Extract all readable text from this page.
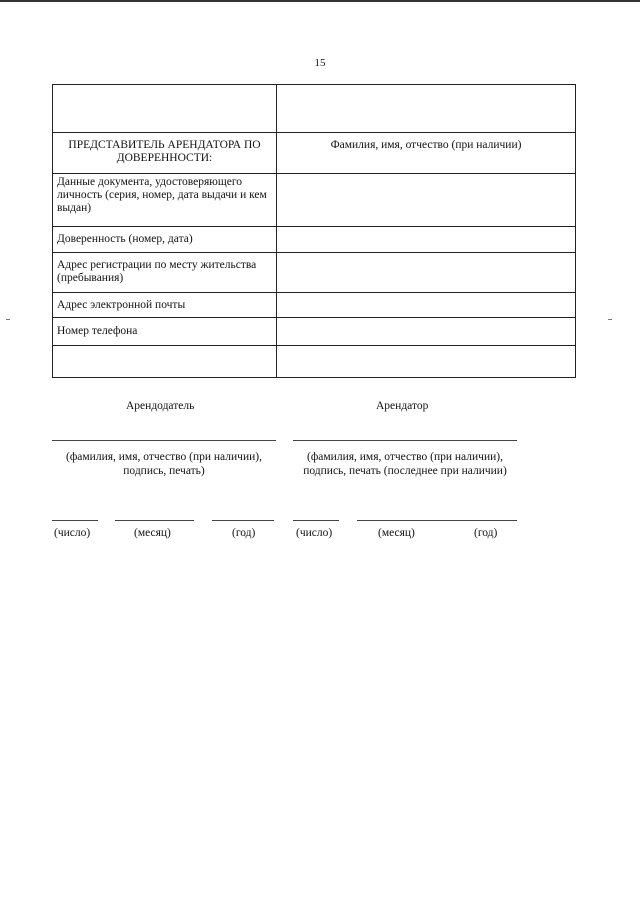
15

ПРЕДСТАВИТЕЛЬ АРЕНДАТОРА ПО ДОВЕРЕННОСТИ:	Фамилия, имя, отчество (при наличии)
Данные документа, удостоверяющего личность (серия, номер, дата выдачи и кем выдан)	
Доверенность (номер, дата)	
Адрес регистрации по месту жительства (пребывания)	
Адрес электронной почты	
Номер телефона	

Арендодатель
(фамилия, имя, отчество (при наличии), подпись, печать)
(число)	(месяц)	(год)
Арендатор
(фамилия, имя, отчество (при наличии), подпись, печать (последнее при наличии)
(число)	(месяц)	(год)
